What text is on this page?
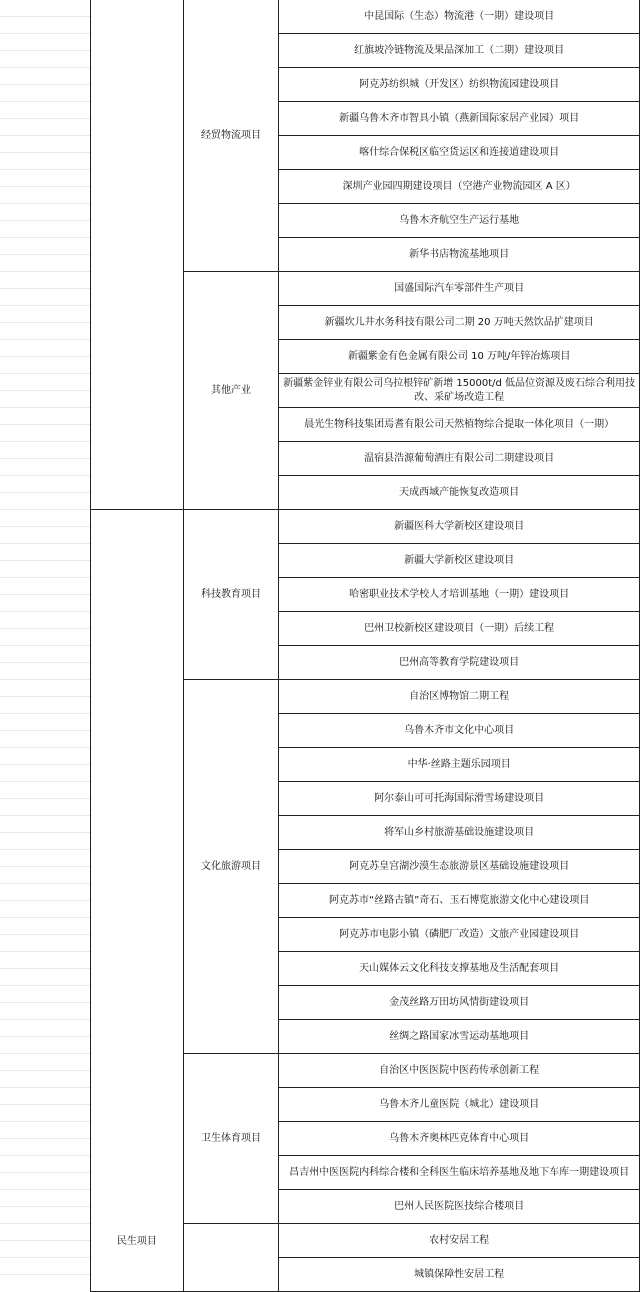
	经贸物流项目	中昆国际（生态）物流港（一期）建设项目
		红旗坡冷链物流及果品深加工（二期）建设项目
		阿克苏纺织城（开发区）纺织物流园建设项目
		新疆乌鲁木齐市智具小镇（燕新国际家居产业园）项目
		喀什综合保税区临空货运区和连接道建设项目
		深圳产业园四期建设项目（空港产业物流园区 A 区）
		乌鲁木齐航空生产运行基地
		新华书店物流基地项目
	其他产业	国盛国际汽车零部件生产项目
		新疆坎儿井水务科技有限公司二期 20 万吨天然饮品扩建项目
		新疆紫金有色金属有限公司 10 万吨/年锌冶炼项目
		新疆紫金锌业有限公司乌拉根锌矿新增 15000t/d 低品位资源及废石综合利用技改、采矿场改造工程
		晨光生物科技集团焉耆有限公司天然植物综合提取一体化项目（一期）
		温宿县浩源葡萄酒庄有限公司二期建设项目
		天成西域产能恢复改造项目
民生项目	科技教育项目	新疆医科大学新校区建设项目
		新疆大学新校区建设项目
		哈密职业技术学校人才培训基地（一期）建设项目
		巴州卫校新校区建设项目（一期）后续工程
		巴州高等教育学院建设项目
	文化旅游项目	自治区博物馆二期工程
		乌鲁木齐市文化中心项目
		中华·丝路主题乐园项目
		阿尔泰山可可托海国际滑雪场建设项目
		将军山乡村旅游基础设施建设项目
		阿克苏皇宫湖沙漠生态旅游景区基础设施建设项目
		阿克苏市“丝路古镇”奇石、玉石博览旅游文化中心建设项目
		阿克苏市电影小镇（磷肥厂改造）文旅产业园建设项目
		天山媒体云文化科技支撑基地及生活配套项目
		金茂丝路万田坊风情街建设项目
		丝绸之路国家冰雪运动基地项目
	卫生体育项目	自治区中医医院中医药传承创新工程
		乌鲁木齐儿童医院（城北）建设项目
		乌鲁木齐奥林匹克体育中心项目
		昌吉州中医医院内科综合楼和全科医生临床培养基地及地下车库一期建设项目
		巴州人民医院医技综合楼项目
		农村安居工程
		城镇保障性安居工程
